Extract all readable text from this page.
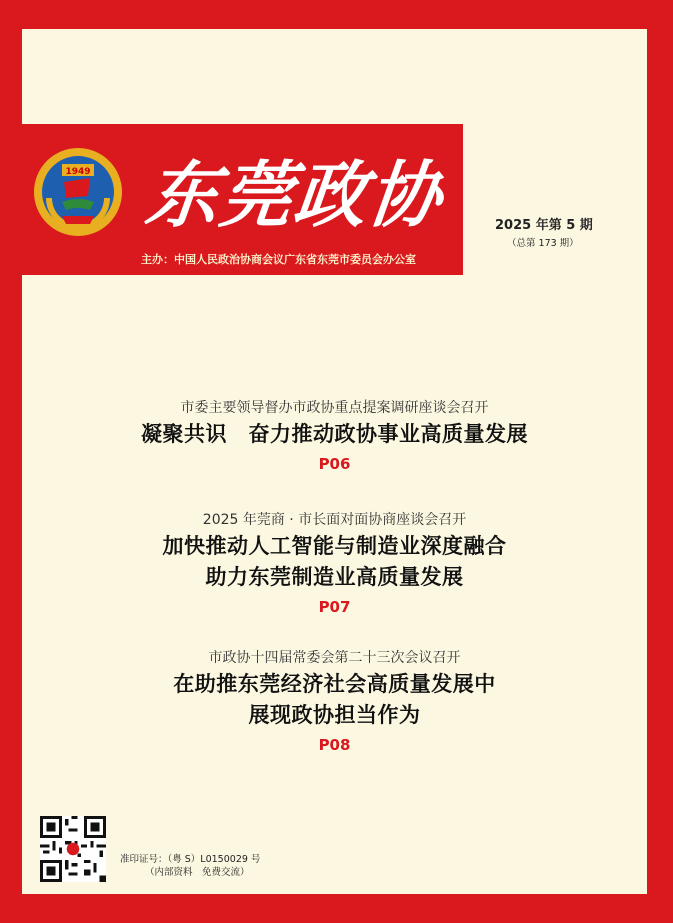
1949 东莞政协
主办：中国人民政治协商会议广东省东莞市委员会办公室
2025 年第 5 期
（总第 173 期）
市委主要领导督办市政协重点提案调研座谈会召开
凝聚共识　奋力推动政协事业高质量发展
P06
2025 年莞商 · 市长面对面协商座谈会召开
加快推动人工智能与制造业深度融合
助力东莞制造业高质量发展
P07
市政协十四届常委会第二十三次会议召开
在助推东莞经济社会高质量发展中
展现政协担当作为
P08
准印证号：（粤 S）L0150029 号
（内部资料　免费交流）
